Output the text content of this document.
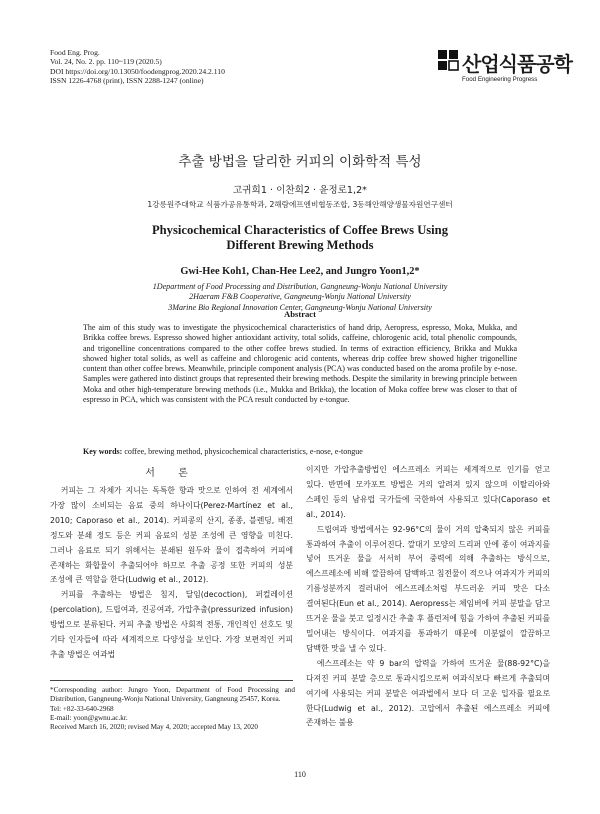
Food Eng. Prog.
Vol. 24, No. 2. pp. 110~119 (2020.5)
DOI https://doi.org/10.13050/foodengprog.2020.24.2.110
ISSN 1226-4768 (print), ISSN 2288-1247 (online)
산업식품공학
Food Engineering Progress
추출 방법을 달리한 커피의 이화학적 특성
고귀희1 · 이찬희2 · 윤정로1,2*
1강릉원주대학교 식품가공유통학과, 2해람에프엔비협동조합, 3동해안해양생물자원연구센터
Physicochemical Characteristics of Coffee Brews Using Different Brewing Methods
Gwi-Hee Koh1, Chan-Hee Lee2, and Jungro Yoon1,2*
1Department of Food Processing and Distribution, Gangneung-Wonju National University
2Haeram F&B Cooperative, Gangneung-Wonju National University
3Marine Bio Regional Innovation Center, Gangneung-Wonju National University
Abstract
The aim of this study was to investigate the physicochemical characteristics of hand drip, Aeropress, espresso, Moka, Mukka, and Brikka coffee brews. Espresso showed higher antioxidant activity, total solids, caffeine, chlorogenic acid, total phenolic compounds, and trigonelline concentrations compared to the other coffee brews studied. In terms of extraction efficiency, Brikka and Mukka showed higher total solids, as well as caffeine and chlorogenic acid contents, whereas drip coffee brew showed higher trigonelline content than other coffee brews. Meanwhile, principle component analysis (PCA) was conducted based on the aroma profile by e-nose. Samples were gathered into distinct groups that represented their brewing methods. Despite the similarity in brewing principle between Moka and other high-temperature brewing methods (i.e., Mukka and Brikka), the location of Moka coffee brew was closer to that of espresso in PCA, which was consistent with the PCA result conducted by e-tongue.
Key words: coffee, brewing method, physicochemical characteristics, e-nose, e-tongue
서 론

커피는 그 자체가 지니는 독특한 향과 맛으로 인하여 전 세계에서 가장 많이 소비되는 음료 중의 하나이다(Perez-Martínez et al., 2010; Caporaso et al., 2014). 커피콩의 산지, 종종, 블렌딩, 배전 정도와 분쇄 정도 등은 커피 음료의 성분 조성에 큰 영향을 미친다. 그러나 음료로 되기 위해서는 분쇄된 원두와 물이 접촉하여 커피에 존재하는 화합물이 추출되어야 하므로 추출 공정 또한 커피의 성분 조성에 큰 역할을 한다(Ludwig et al., 2012).

커피를 추출하는 방법은 침지, 달임(decoction), 퍼컬레이션(percolation), 드립여과, 진공여과, 가압추출(pressurized infusion) 방법으로 분류된다. 커피 추출 방법은 사회적 전통, 개인적인 선호도 및 기타 인자들에 따라 세계적으로 다양성을 보인다. 가장 보편적인 커피 추출 방법은 여과법

이지만 가압추출방법인 에스프레소 커피는 세계적으로 인기를 얻고 있다. 반면에 모카포트 방법은 거의 알려져 있지 않으며 이탈리아와 스페인 등의 남유럽 국가들에 국한하여 사용되고 있다(Caporaso et al., 2014).

드립여과 방법에서는 92-96°C의 물이 거의 압축되지 않은 커피를 통과하여 추출이 이루어진다. 깔대기 모양의 드리퍼 안에 종이 여과지를 넣어 뜨거운 물을 서서히 부어 중력에 의해 추출하는 방식으로, 에스프레소에 비해 깔끔하여 담백하고 침전물이 적으나 여과지가 커피의 기름성분까지 걸러내어 에스프레소처럼 부드러운 커피 맛은 다소 결여된다(Eun et al., 2014). Aeropress는 체임버에 커피 분말을 담고 뜨거운 물을 붓고 일정시간 추출 후 플런저에 힘을 가하여 추출된 커피를 밀어내는 방식이다. 여과지를 통과하기 때문에 미분없이 깔끔하고 담백한 맛을 낼 수 있다.

에스프레소는 약 9 bar의 압력을 가하여 뜨거운 물(88-92°C)을 다져진 커피 분말 층으로 통과시킴으로써 여과식보다 빠르게 추출되며 여기에 사용되는 커피 분말은 여과법에서 보다 더 고운 입자를 필요로 한다(Ludwig et al., 2012). 고압에서 추출된 에스프레소 커피에 존재하는 불용

*Corresponding author: Jungro Yoon, Department of Food Processing and Distribution, Gangneung-Wonju National University, Gangneung 25457, Korea.
Tel: +82-33-640-2968
E-mail: yoon@gwnu.ac.kr.
Received March 16, 2020; revised May 4, 2020; accepted May 13, 2020
110
